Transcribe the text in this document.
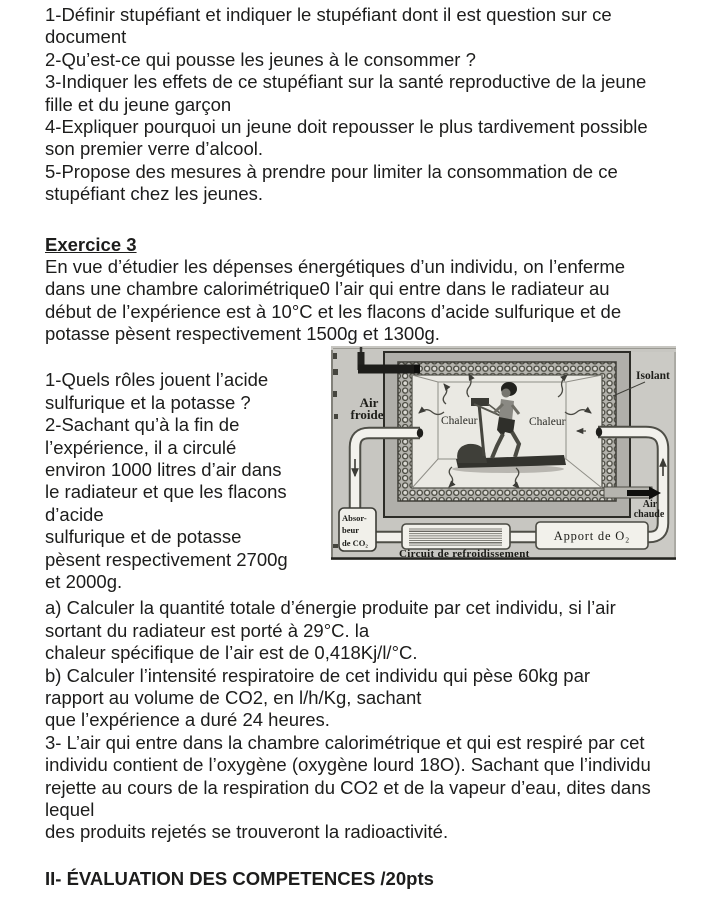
1-Définir stupéfiant et indiquer le stupéfiant dont il est question sur ce
document
2-Qu’est-ce qui pousse les jeunes à le consommer ?
3-Indiquer les effets de ce stupéfiant sur la santé reproductive de la jeune
fille et du jeune garçon
4-Expliquer pourquoi un jeune doit repousser le plus tardivement possible
son premier verre d’alcool.
5-Propose des mesures à prendre pour limiter la consommation de ce
stupéfiant chez les jeunes.
Exercice 3
En vue d’étudier les dépenses énergétiques d’un individu, on l’enferme
dans une chambre calorimétrique0 l’air qui entre dans le radiateur au
début de l’expérience est à 10°C et les flacons d’acide sulfurique et de
potasse pèsent respectivement 1500g et 1300g.
1-Quels rôles jouent l’acide
sulfurique et la potasse ?
2-Sachant qu’à la fin de
l’expérience, il a circulé
environ 1000 litres d’air dans
le radiateur et que les flacons
d’acide
sulfurique et de potasse
pèsent respectivement 2700g
et 2000g.
a) Calculer la quantité totale d’énergie produite par cet individu, si l’air
sortant du radiateur est porté à 29°C. la
chaleur spécifique de l’air est de 0,418Kj/l/°C.
b) Calculer l’intensité respiratoire de cet individu qui pèse 60kg par
rapport au volume de CO2, en l/h/Kg, sachant
que l’expérience a duré 24 heures.
3- L’air qui entre dans la chambre calorimétrique et qui est respiré par cet
individu contient de l’oxygène (oxygène lourd 18O). Sachant que l’individu
rejette au cours de la respiration du CO2 et de la vapeur d’eau, dites dans
lequel
des produits rejetés se trouveront la radioactivité.
II- ÉVALUATION DES COMPETENCES /20pts
Chaleur	Chaleur
Air
froide
Air
chaude
Absor-
beur
de CO₂	Apport de O₂
Circuit de refroidissement
Isolant
